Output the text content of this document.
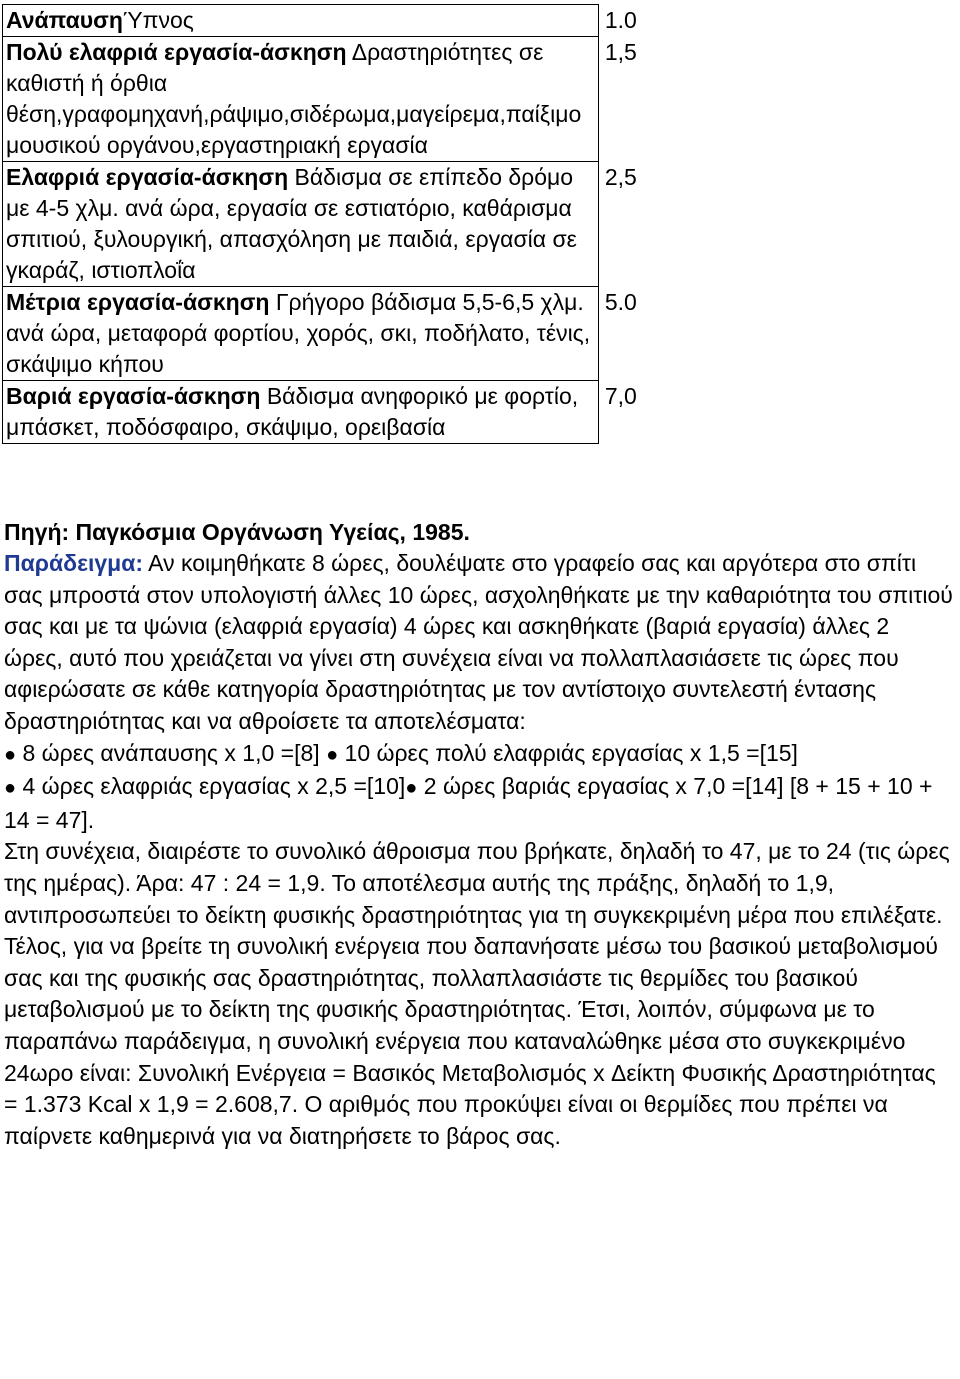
ΑνάπαυσηΎπνος	1.0
Πολύ ελαφριά εργασία-άσκηση Δραστηριότητες σε καθιστή ή όρθια θέση,γραφομηχανή,ράψιμο,σιδέρωμα,μαγείρεμα,παίξιμο μουσικού οργάνου,εργαστηριακή εργασία	1,5
Ελαφριά εργασία-άσκηση Βάδισμα σε επίπεδο δρόμο με 4-5 χλμ. ανά ώρα, εργασία σε εστιατόριο, καθάρισμα σπιτιού, ξυλουργική, απασχόληση με παιδιά, εργασία σε γκαράζ, ιστιοπλοΐα	2,5
Μέτρια εργασία-άσκηση Γρήγορο βάδισμα 5,5-6,5 χλμ. ανά ώρα, μεταφορά φορτίου, χορός, σκι, ποδήλατο, τένις, σκάψιμο κήπου	5.0
Βαριά εργασία-άσκηση Βάδισμα ανηφορικό με φορτίο, μπάσκετ, ποδόσφαιρο, σκάψιμο, ορειβασία	7,0
Πηγή: Παγκόσμια Οργάνωση Υγείας, 1985.

Παράδειγμα: Αν κοιμηθήκατε 8 ώρες, δουλέψατε στο γραφείο σας και αργότερα στο σπίτι σας μπροστά στον υπολογιστή άλλες 10 ώρες, ασχοληθήκατε με την καθαριότητα του σπιτιού σας και με τα ψώνια (ελαφριά εργασία) 4 ώρες και ασκηθήκατε (βαριά εργασία) άλλες 2 ώρες, αυτό που χρειάζεται να γίνει στη συνέχεια είναι να πολλαπλασιάσετε τις ώρες που αφιερώσατε σε κάθε κατηγορία δραστηριότητας με τον αντίστοιχο συντελεστή έντασης δραστηριότητας και να αθροίσετε τα αποτελέσματα:

● 8 ώρες ανάπαυσης x 1,0 =[8] ● 10 ώρες πολύ ελαφριάς εργασίας x 1,5 =[15]

● 4 ώρες ελαφριάς εργασίας x 2,5 =[10]● 2 ώρες βαριάς εργασίας x 7,0 =[14] [8 + 15 + 10 + 14 = 47].

Στη συνέχεια, διαιρέστε το συνολικό άθροισμα που βρήκατε, δηλαδή το 47, με το 24 (τις ώρες της ημέρας). Άρα: 47 : 24 = 1,9. Το αποτέλεσμα αυτής της πράξης, δηλαδή το 1,9, αντιπροσωπεύει το δείκτη φυσικής δραστηριότητας για τη συγκεκριμένη μέρα που επιλέξατε. Τέλος, για να βρείτε τη συνολική ενέργεια που δαπανήσατε μέσω του βασικού μεταβολισμού σας και της φυσικής σας δραστηριότητας, πολλαπλασιάστε τις θερμίδες του βασικού μεταβολισμού με το δείκτη της φυσικής δραστηριότητας. Έτσι, λοιπόν, σύμφωνα με το παραπάνω παράδειγμα, η συνολική ενέργεια που καταναλώθηκε μέσα στο συγκεκριμένο 24ωρο είναι: Συνολική Ενέργεια = Βασικός Μεταβολισμός x Δείκτη Φυσικής Δραστηριότητας = 1.373 Kcal x 1,9 = 2.608,7. Ο αριθμός που προκύψει είναι οι θερμίδες που πρέπει να παίρνετε καθημερινά για να διατηρήσετε το βάρος σας.
